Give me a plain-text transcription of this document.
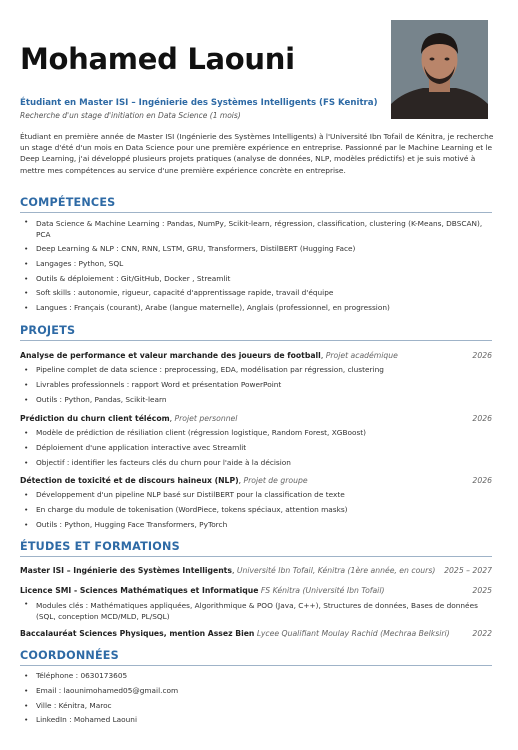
Mohamed Laouni

Étudiant en Master ISI – Ingénierie des Systèmes Intelligents (FS Kenitra)

Recherche d'un stage d'initiation en Data Science (1 mois)

Étudiant en première année de Master ISI (Ingénierie des Systèmes Intelligents) à l'Université Ibn Tofail de Kénitra, je recherche un stage d'été d'un mois en Data Science pour une première expérience en entreprise. Passionné par le Machine Learning et le Deep Learning, j'ai développé plusieurs projets pratiques (analyse de données, NLP, modèles prédictifs) et je suis motivé à mettre mes compétences au service d'une première expérience concrète en entreprise.

COMPÉTENCES
• Data Science & Machine Learning : Pandas, NumPy, Scikit-learn, régression, classification, clustering (K-Means, DBSCAN), PCA
• Deep Learning & NLP : CNN, RNN, LSTM, GRU, Transformers, DistilBERT (Hugging Face)
• Langages : Python, SQL
• Outils & déploiement : Git/GitHub, Docker , Streamlit
• Soft skills : autonomie, rigueur, capacité d'apprentissage rapide, travail d'équipe
• Langues : Français (courant), Arabe (langue maternelle), Anglais (professionnel, en progression)
PROJETS
Analyse de performance et valeur marchande des joueurs de football, Projet académique	2026
• Pipeline complet de data science : preprocessing, EDA, modélisation par régression, clustering
• Livrables professionnels : rapport Word et présentation PowerPoint
• Outils : Python, Pandas, Scikit-learn
Prédiction du churn client télécom, Projet personnel	2026
• Modèle de prédiction de résiliation client (régression logistique, Random Forest, XGBoost)
• Déploiement d'une application interactive avec Streamlit
• Objectif : identifier les facteurs clés du churn pour l'aide à la décision
Détection de toxicité et de discours haineux (NLP), Projet de groupe	2026
• Développement d'un pipeline NLP basé sur DistilBERT pour la classification de texte
• En charge du module de tokenisation (WordPiece, tokens spéciaux, attention masks)
• Outils : Python, Hugging Face Transformers, PyTorch
ÉTUDES ET FORMATIONS
Master ISI – Ingénierie des Systèmes Intelligents, Université Ibn Tofail, Kénitra (1ère année, en cours) 2025 – 2027
Licence SMI - Sciences Mathématiques et Informatique FS Kénitra (Université Ibn Tofail)	2025
• Modules clés : Mathématiques appliquées, Algorithmique & POO (Java, C++), Structures de données, Bases de données (SQL, conception MCD/MLD, PL/SQL)
Baccalauréat Sciences Physiques, mention Assez Bien Lycee Qualifiant Moulay Rachid (Mechraa Belksiri)	2022
COORDONNÉES
• Téléphone : 0630173605
• Email : laounimohamed05@gmail.com
• Ville : Kénitra, Maroc
• LinkedIn : Mohamed Laouni
